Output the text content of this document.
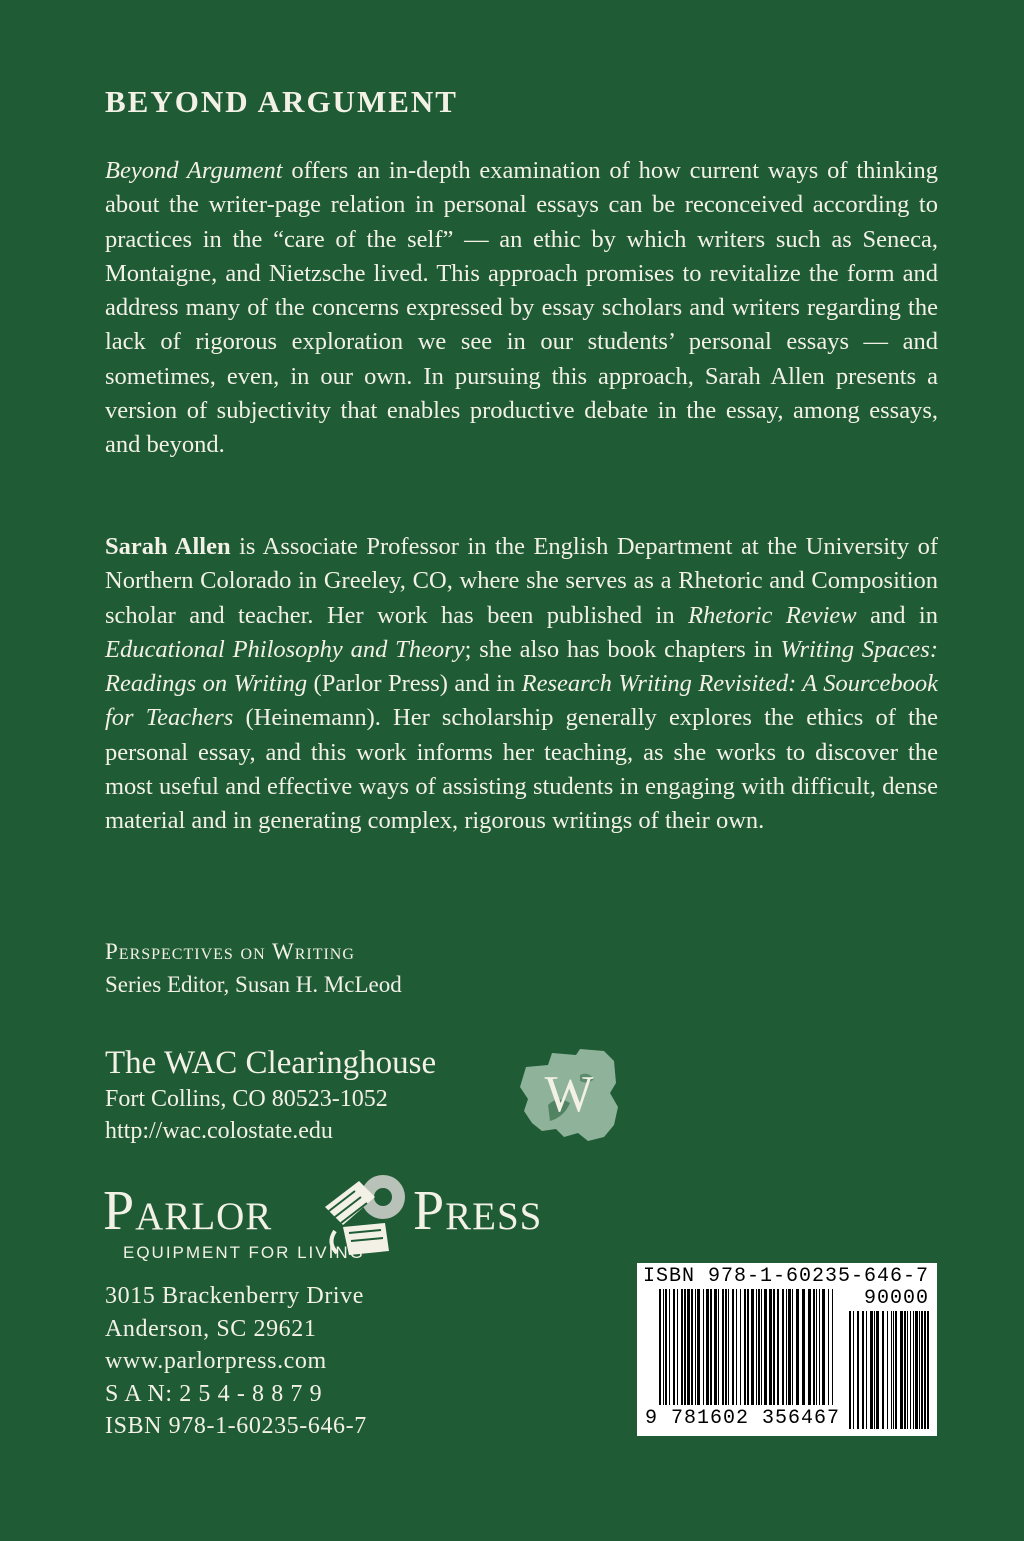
BEYOND ARGUMENT

Beyond Argument offers an in-depth examination of how current ways of thinking about the writer-page relation in personal essays can be reconceived according to practices in the “care of the self” — an ethic by which writers such as Seneca, Montaigne, and Nietzsche lived. This approach promises to revitalize the form and address many of the concerns expressed by essay scholars and writers regarding the lack of rigorous exploration we see in our students’ personal essays — and sometimes, even, in our own. In pursuing this approach, Sarah Allen presents a version of subjectivity that enables productive debate in the essay, among essays, and beyond.

Sarah Allen is Associate Professor in the English Department at the University of Northern Colorado in Greeley, CO, where she serves as a Rhetoric and Composition scholar and teacher. Her work has been published in Rhetoric Review and in Educational Philosophy and Theory; she also has book chapters in Writing Spaces: Readings on Writing (Parlor Press) and in Research Writing Revisited: A Sourcebook for Teachers (Heinemann). Her scholarship generally explores the ethics of the personal essay, and this work informs her teaching, as she works to discover the most useful and effective ways of assisting students in engaging with difficult, dense material and in generating complex, rigorous writings of their own.

Perspectives on Writing
Series Editor, Susan H. McLeod
The WAC Clearinghouse
Fort Collins, CO 80523-1052
http://wac.colostate.edu
W
Parlor	Press
EQUIPMENT FOR LIVING
3015 Brackenberry Drive
Anderson, SC 29621
www.parlorpress.com
S A N: 2 5 4 - 8 8 7 9
ISBN 978-1-60235-646-7
ISBN 978-1-60235-646-7
90000
9 781602 356467
